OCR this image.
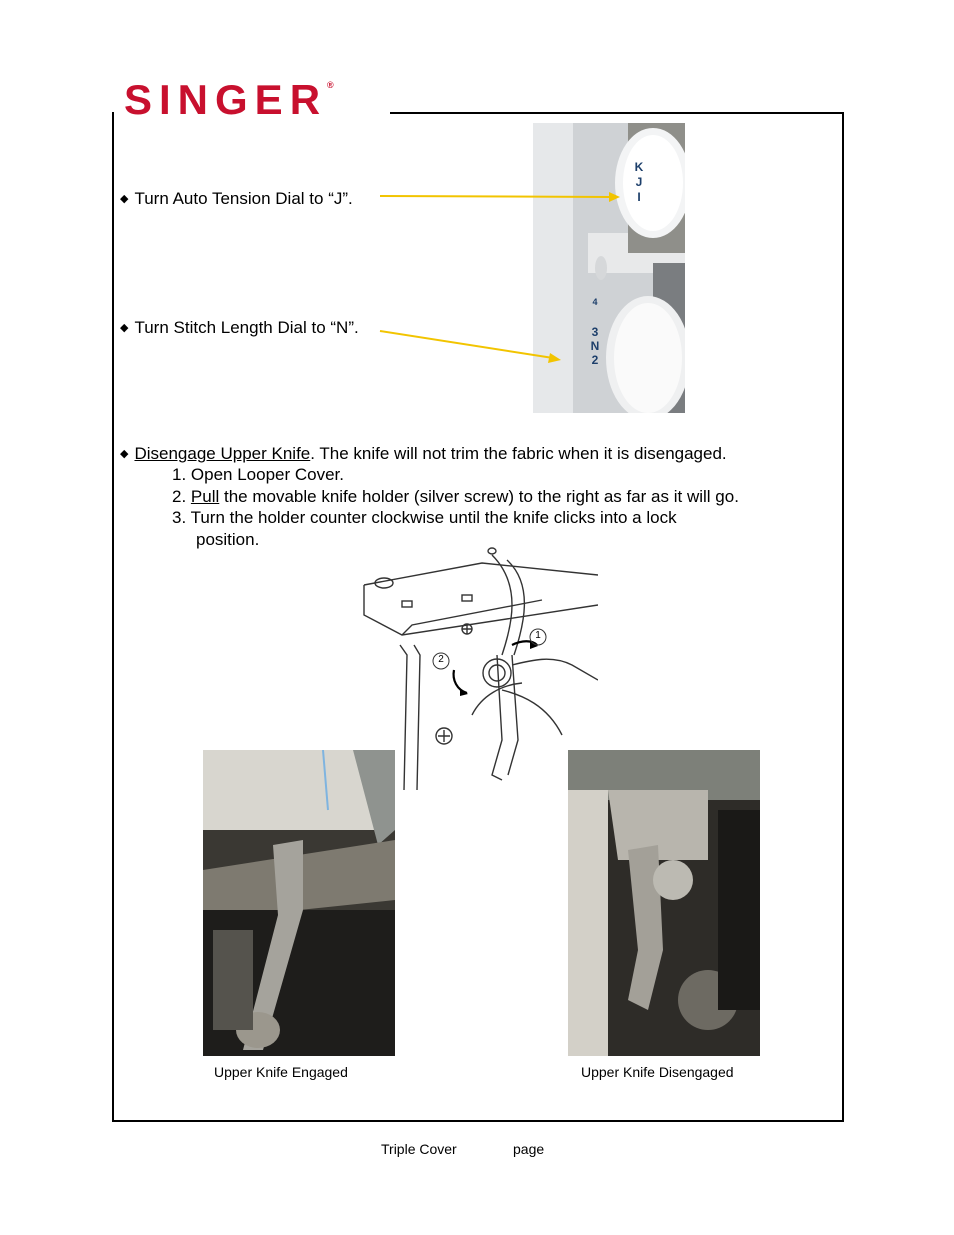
SINGER®
◆ Turn Auto Tension Dial to “J”.
◆ Turn Stitch Length Dial to “N”.
◆ Disengage Upper Knife. The knife will not trim the fabric when it is disengaged.
1. Open Looper Cover.
2. Pull the movable knife holder (silver screw) to the right as far as it will go.
3. Turn the holder counter clockwise until the knife clicks into a lock
position.
K
J
I
4
3
N
2
1
2
Upper Knife Engaged	Upper Knife Disengaged
Triple Cover	page
